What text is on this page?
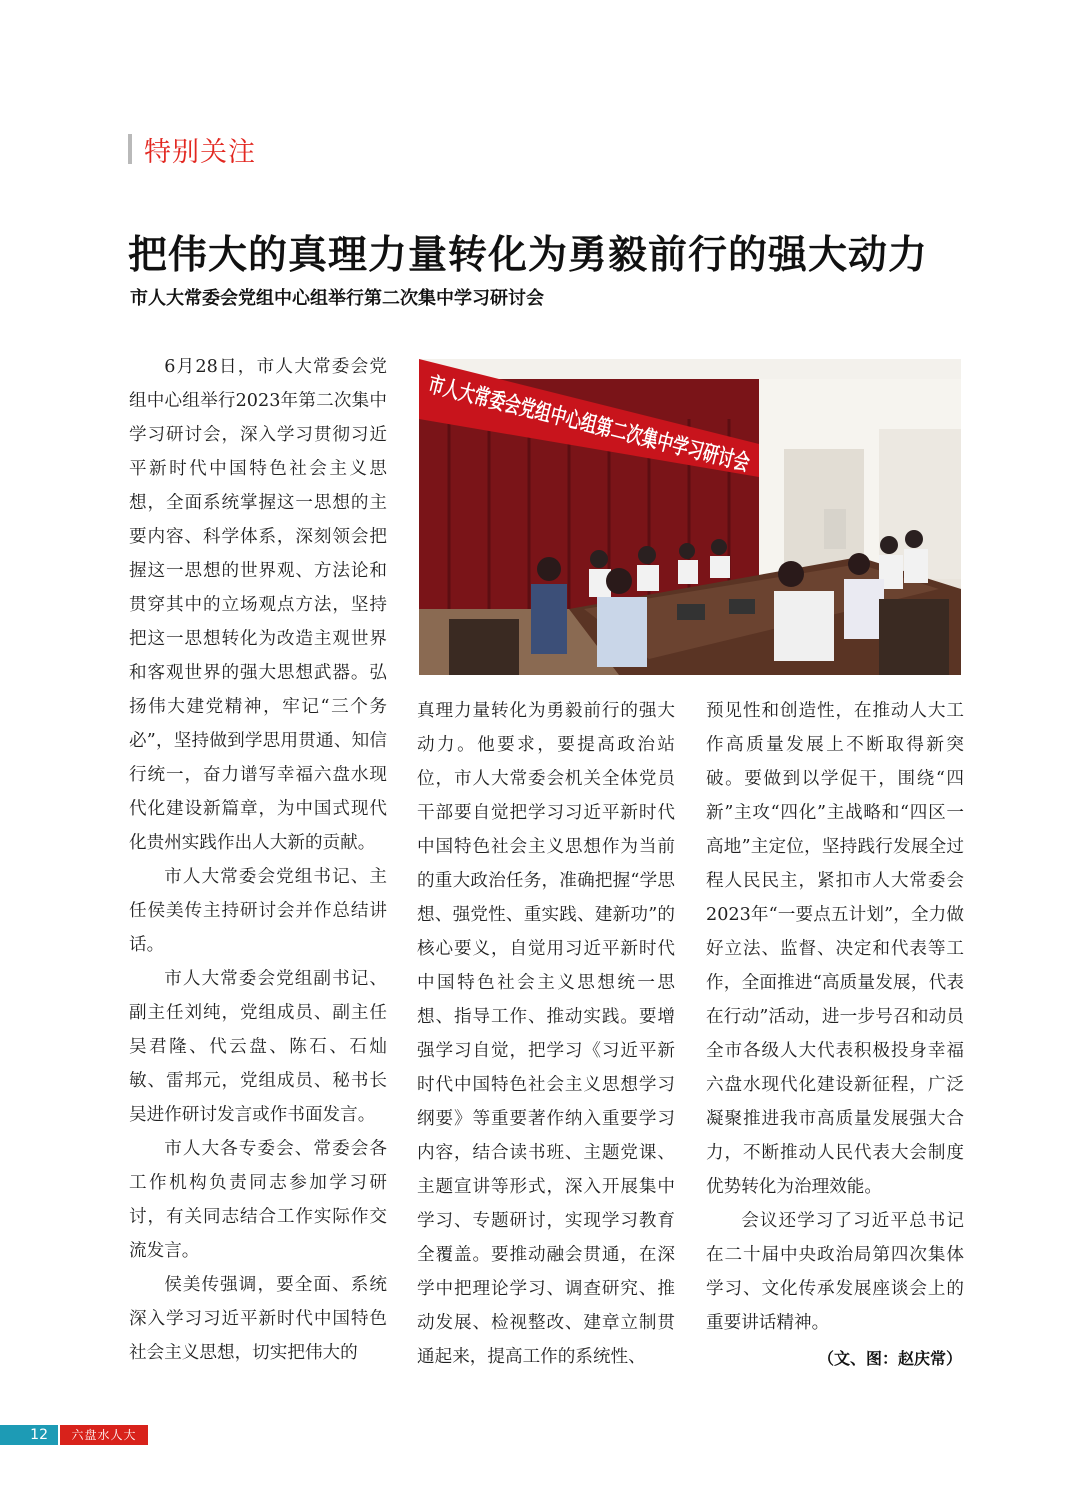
特别关注
把伟大的真理力量转化为勇毅前行的强大动力
市人大常委会党组中心组举行第二次集中学习研讨会

6月28日，市人大常委会党组中心组举行2023年第二次集中学习研讨会，深入学习贯彻习近平新时代中国特色社会主义思想，全面系统掌握这一思想的主要内容、科学体系，深刻领会把握这一思想的世界观、方法论和贯穿其中的立场观点方法，坚持把这一思想转化为改造主观世界和客观世界的强大思想武器。弘扬伟大建党精神，牢记“三个务必”，坚持做到学思用贯通、知信行统一，奋力谱写幸福六盘水现代化建设新篇章，为中国式现代化贵州实践作出人大新的贡献。

市人大常委会党组书记、主任侯美传主持研讨会并作总结讲话。

市人大常委会党组副书记、副主任刘纯，党组成员、副主任吴君隆、代云盘、陈石、石灿敏、雷邦元，党组成员、秘书长吴进作研讨发言或作书面发言。

市人大各专委会、常委会各工作机构负责同志参加学习研讨，有关同志结合工作实际作交流发言。

侯美传强调，要全面、系统深入学习习近平新时代中国特色社会主义思想，切实把伟大的

市人大常委会党组中心组第二次集中学习研讨会

真理力量转化为勇毅前行的强大动力。他要求，要提高政治站位，市人大常委会机关全体党员干部要自觉把学习习近平新时代中国特色社会主义思想作为当前的重大政治任务，准确把握“学思想、强党性、重实践、建新功”的核心要义，自觉用习近平新时代中国特色社会主义思想统一思想、指导工作、推动实践。要增强学习自觉，把学习《习近平新时代中国特色社会主义思想学习纲要》等重要著作纳入重要学习内容，结合读书班、主题党课、主题宣讲等形式，深入开展集中学习、专题研讨，实现学习教育全覆盖。要推动融会贯通，在深学中把理论学习、调查研究、推动发展、检视整改、建章立制贯通起来，提高工作的系统性、

预见性和创造性，在推动人大工作高质量发展上不断取得新突破。要做到以学促干，围绕“四新”主攻“四化”主战略和“四区一高地”主定位，坚持践行发展全过程人民民主，紧扣市人大常委会2023年“一要点五计划”，全力做好立法、监督、决定和代表等工作，全面推进“高质量发展，代表在行动”活动，进一步号召和动员全市各级人大代表积极投身幸福六盘水现代化建设新征程，广泛凝聚推进我市高质量发展强大合力，不断推动人民代表大会制度优势转化为治理效能。

会议还学习了习近平总书记在二十届中央政治局第四次集体学习、文化传承发展座谈会上的重要讲话精神。

（文、图：赵庆常）
12	六盘水人大
